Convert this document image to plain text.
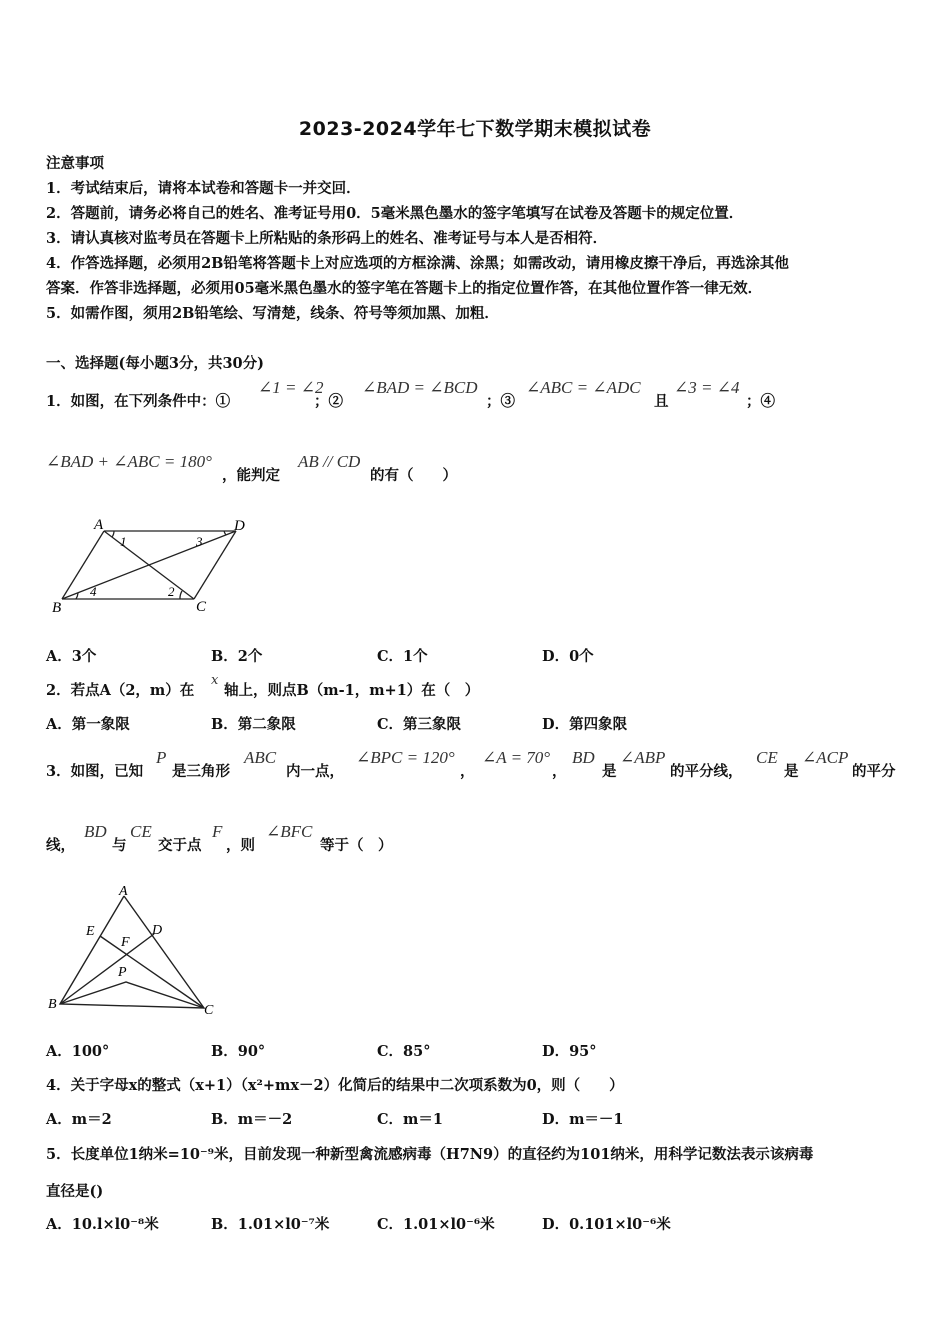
2023-2024学年七下数学期末模拟试卷
注意事项
1．考试结束后，请将本试卷和答题卡一并交回．
2．答题前，请务必将自己的姓名、准考证号用0．5毫米黑色墨水的签字笔填写在试卷及答题卡的规定位置．
3．请认真核对监考员在答题卡上所粘贴的条形码上的姓名、准考证号与本人是否相符．
4．作答选择题，必须用2B铅笔将答题卡上对应选项的方框涂满、涂黑；如需改动，请用橡皮擦干净后，再选涂其他
答案．作答非选择题，必须用05毫米黑色墨水的签字笔在答题卡上的指定位置作答，在其他位置作答一律无效．
5．如需作图，须用2B铅笔绘、写清楚，线条、符号等须加黑、加粗．
一、选择题(每小题3分，共30分)
1．如图，在下列条件中：①
∠1 = ∠2
；②
∠BAD = ∠BCD
；③
∠ABC = ∠ADC
且
∠3 = ∠4
；④
∠BAD + ∠ABC = 180°
，能判定
AB // CD
的有（　　）
A	D
B	C
1	3
4	2
A．3个	B．2个	C．1个	D．0个
2．若点A（2，m）在
x
轴上，则点B（m-1，m+1）在（　）
A．第一象限	B．第二象限	C．第三象限	D．第四象限
3．如图，已知
P
是三角形
ABC
内一点，
∠BPC = 120°
，
∠A = 70°
，
BD
是
∠ABP
的平分线，
CE
是
∠ACP
的平分
线，
BD
与
CE
交于点
F
，则
∠BFC
等于（　）
A
E	D
F
P
B	C
A．100°	B．90°	C．85°	D．95°
4．关于字母x的整式（x+1）（x²+mx－2）化简后的结果中二次项系数为0，则（　　）
A．m＝2	B．m＝－2	C．m＝1	D．m＝－1
5．长度单位1纳米=10⁻⁹米，目前发现一种新型禽流感病毒（H7N9）的直径约为101纳米，用科学记数法表示该病毒
直径是()
A．10.l×l0⁻⁸米	B．1.01×l0⁻⁷米	C．1.01×l0⁻⁶米	D．0.101×l0⁻⁶米
